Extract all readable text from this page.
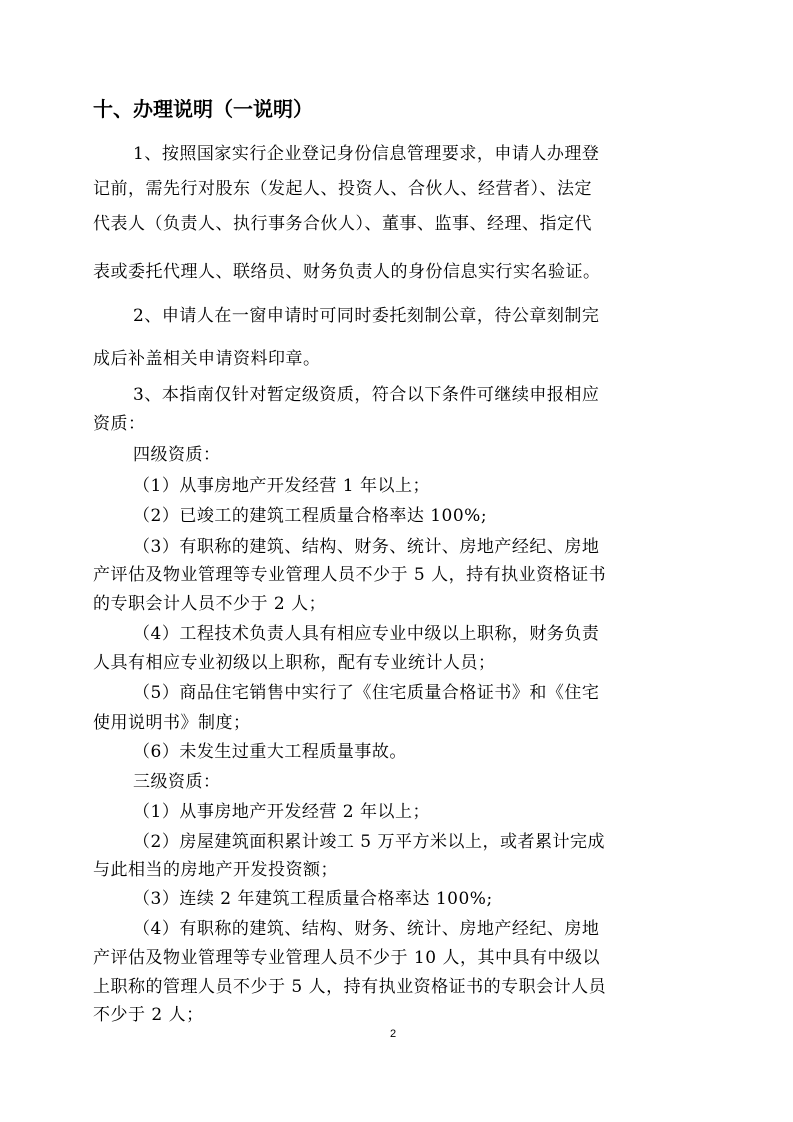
十、办理说明（一说明）
1、按照国家实行企业登记身份信息管理要求，申请人办理登
记前，需先行对股东（发起人、投资人、合伙人、经营者）、法定
代表人（负责人、执行事务合伙人）、董事、监事、经理、指定代
表或委托代理人、联络员、财务负责人的身份信息实行实名验证。
2、申请人在一窗申请时可同时委托刻制公章，待公章刻制完
成后补盖相关申请资料印章。
3、本指南仅针对暂定级资质，符合以下条件可继续申报相应
资质：
四级资质：
（1）从事房地产开发经营 1 年以上；
（2）已竣工的建筑工程质量合格率达 100%;
（3）有职称的建筑、结构、财务、统计、房地产经纪、房地
产评估及物业管理等专业管理人员不少于 5 人，持有执业资格证书
的专职会计人员不少于 2 人；
（4）工程技术负责人具有相应专业中级以上职称，财务负责
人具有相应专业初级以上职称，配有专业统计人员；
（5）商品住宅销售中实行了《住宅质量合格证书》和《住宅
使用说明书》制度；
（6）未发生过重大工程质量事故。
三级资质：
（1）从事房地产开发经营 2 年以上；
（2）房屋建筑面积累计竣工 5 万平方米以上，或者累计完成
与此相当的房地产开发投资额；
（3）连续 2 年建筑工程质量合格率达 100%;
（4）有职称的建筑、结构、财务、统计、房地产经纪、房地
产评估及物业管理等专业管理人员不少于 10 人，其中具有中级以
上职称的管理人员不少于 5 人，持有执业资格证书的专职会计人员
不少于 2 人；
2
